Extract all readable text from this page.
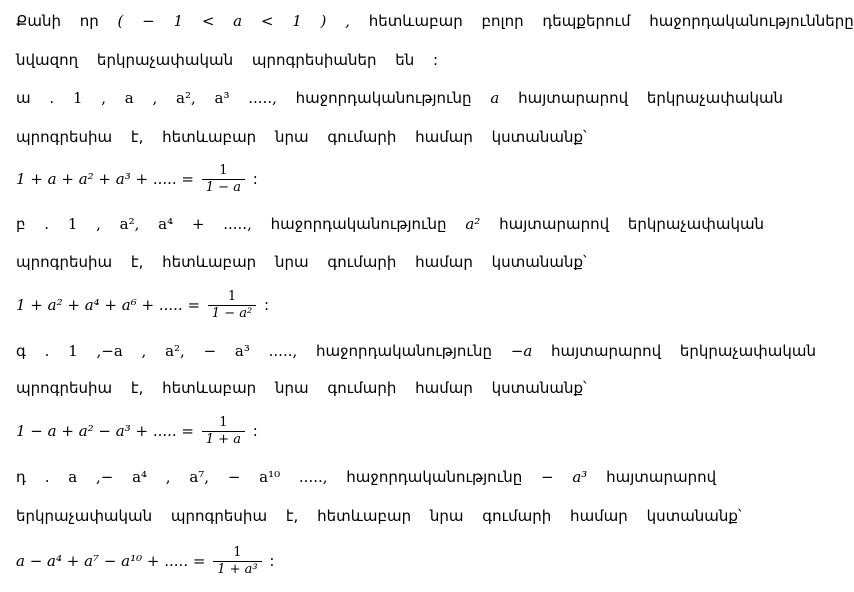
Քանի որ ( − 1 < a < 1 ) , հետևաբար բոլոր դեպքերում հաջորդականությունները
նվազող երկրաչափական պրոգրեսիաներ են :
ա . 1 , a , a², a³ ....., հաջորդականությունը a հայտարարով երկրաչափական
պրոգրեսիա է, հետևաբար նրա գումարի համար կստանանք՝
1 + a + a² + a³ + ..... = $\frac{1}{1 - a}$ :
բ . 1 , a², a⁴ + ....., հաջորդականությունը a² հայտարարով երկրաչափական
պրոգրեսիա է, հետևաբար նրա գումարի համար կստանանք՝
1 + a² + a⁴ + a⁶ + ..... = $\frac{1}{\text{1 − a²}}$ :
գ . 1 ,−a , a², − a³ ....., հաջորդականությունը −a հայտարարով երկրաչափական
պրոգրեսիա է, հետևաբար նրա գումարի համար կստանանք՝
1 − a + a² − a³ + ..... = $\frac{1}{1 + a}$ :
դ . a ,− a⁴ , a⁷, − a¹⁰ ....., հաջորդականությունը − a³ հայտարարով
երկրաչափական պրոգրեսիա է, հետևաբար նրա գումարի համար կստանանք՝
a − a⁴ + a⁷ − a¹⁰ + ..... = $\frac{1}{\text{1 + a³}}$ :
